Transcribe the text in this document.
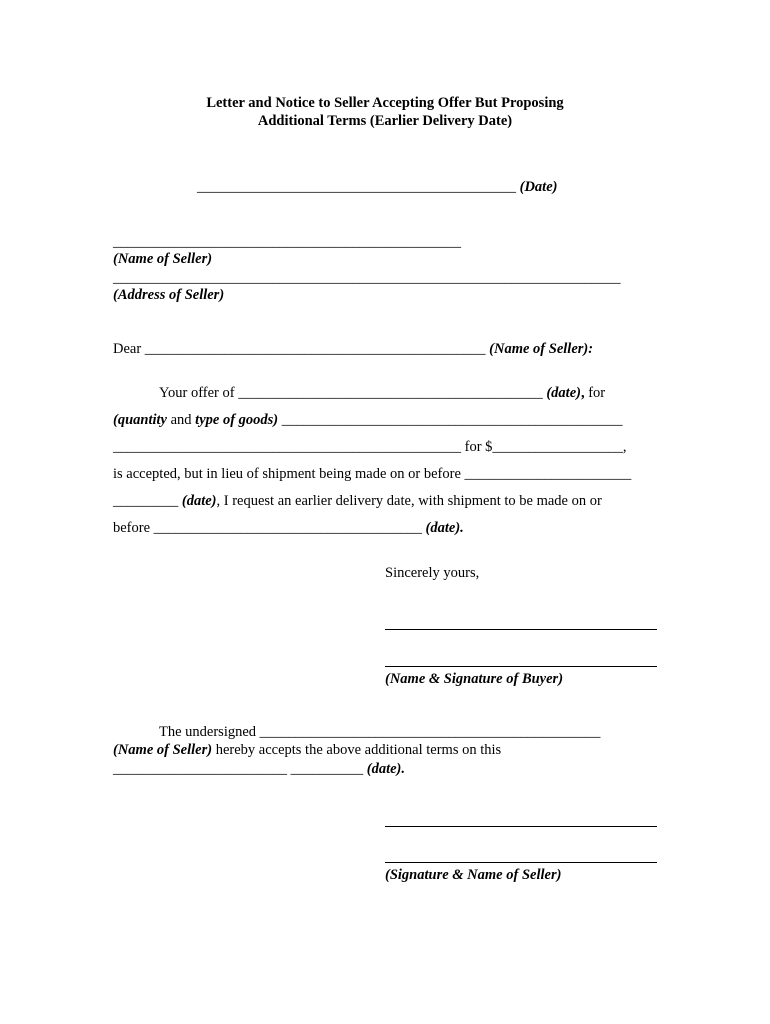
Letter and Notice to Seller Accepting Offer But Proposing
Additional Terms (Earlier Delivery Date)
____________________________________________ (Date)
________________________________________________
(Name of Seller)
______________________________________________________________________
(Address of Seller)
Dear _______________________________________________ (Name of Seller):
Your offer of __________________________________________ (date), for
(quantity and type of goods) _______________________________________________
________________________________________________ for $__________________,
is accepted, but in lieu of shipment being made on or before _______________________
_________ (date), I request an earlier delivery date, with shipment to be made on or
before _____________________________________ (date).
Sincerely yours,
(Name & Signature of Buyer)
The undersigned _______________________________________________
(Name of Seller) hereby accepts the above additional terms on this
________________________ __________ (date).
(Signature & Name of Seller)
